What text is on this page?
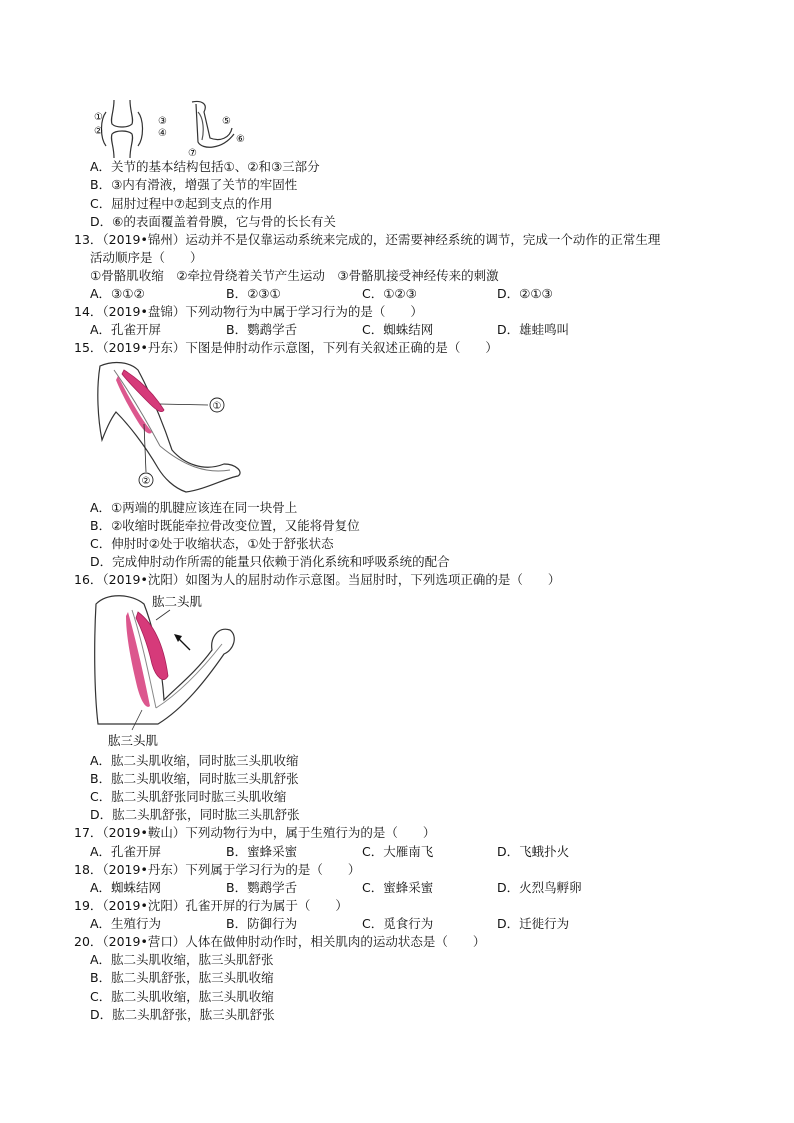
①
②
③
④
⑤
⑥
⑦
A．关节的基本结构包括①、②和③三部分
B．③内有滑液，增强了关节的牢固性
C．屈肘过程中⑦起到支点的作用
D．⑥的表面覆盖着骨膜，它与骨的长长有关
13．（2019•锦州）运动并不是仅靠运动系统来完成的，还需要神经系统的调节，完成一个动作的正常生理
活动顺序是（　　）
①骨骼肌收缩　②牵拉骨绕着关节产生运动　③骨骼肌接受神经传来的刺激
A．③①②	B．②③①	C．①②③	D．②①③
14．（2019•盘锦）下列动物行为中属于学习行为的是（　　）
A．孔雀开屏	B．鹦鹉学舌	C．蜘蛛结网	D．雄蛙鸣叫
15．（2019•丹东）下图是伸肘动作示意图，下列有关叙述正确的是（　　）
①
②
A．①两端的肌腱应该连在同一块骨上
B．②收缩时既能牵拉骨改变位置，又能将骨复位
C．伸肘时②处于收缩状态，①处于舒张状态
D．完成伸肘动作所需的能量只依赖于消化系统和呼吸系统的配合
16．（2019•沈阳）如图为人的屈肘动作示意图。当屈肘时，下列选项正确的是（　　）
肱二头肌
肱三头肌
A．肱二头肌收缩，同时肱三头肌收缩
B．肱二头肌收缩，同时肱三头肌舒张
C．肱二头肌舒张同时肱三头肌收缩
D．肱二头肌舒张，同时肱三头肌舒张
17．（2019•鞍山）下列动物行为中，属于生殖行为的是（　　）
A．孔雀开屏	B．蜜蜂采蜜	C．大雁南飞	D．飞蛾扑火
18．（2019•丹东）下列属于学习行为的是（　　）
A．蜘蛛结网	B．鹦鹉学舌	C．蜜蜂采蜜	D．火烈鸟孵卵
19．（2019•沈阳）孔雀开屏的行为属于（　　）
A．生殖行为	B．防御行为	C．觅食行为	D．迁徙行为
20．（2019•营口）人体在做伸肘动作时，相关肌肉的运动状态是（　　）
A．肱二头肌收缩，肱三头肌舒张
B．肱二头肌舒张，肱三头肌收缩
C．肱二头肌收缩，肱三头肌收缩
D．肱二头肌舒张，肱三头肌舒张
